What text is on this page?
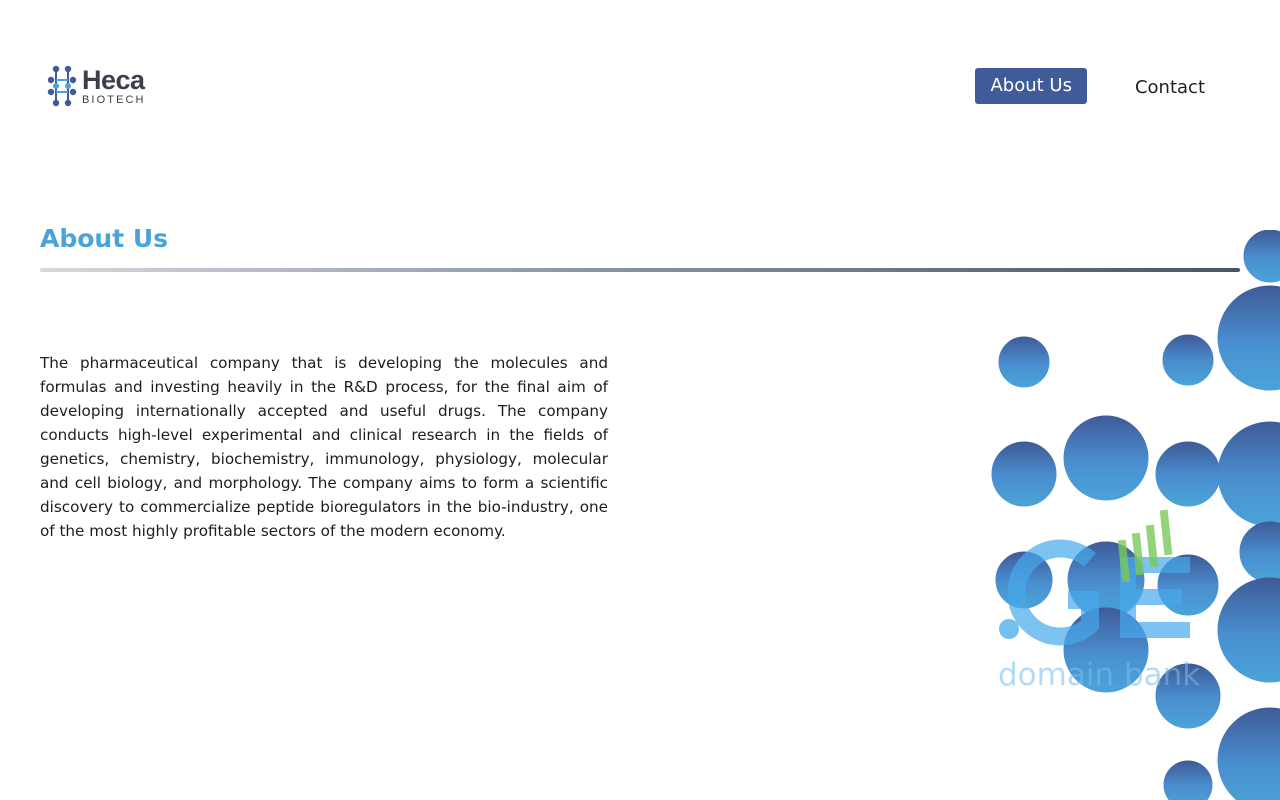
Heca
BIOTECH
About Us	Contact
About Us

The pharmaceutical company that is developing the molecules and formulas and investing heavily in the R&D process, for the final aim of developing internationally accepted and useful drugs. The company conducts high-level experimental and clinical research in the fields of genetics, chemistry, biochemistry, immunology, physiology, molecular and cell biology, and morphology. The company aims to form a scientific discovery to commercialize peptide bioregulators in the bio-industry, one of the most highly profitable sectors of the modern economy.

domain bank
